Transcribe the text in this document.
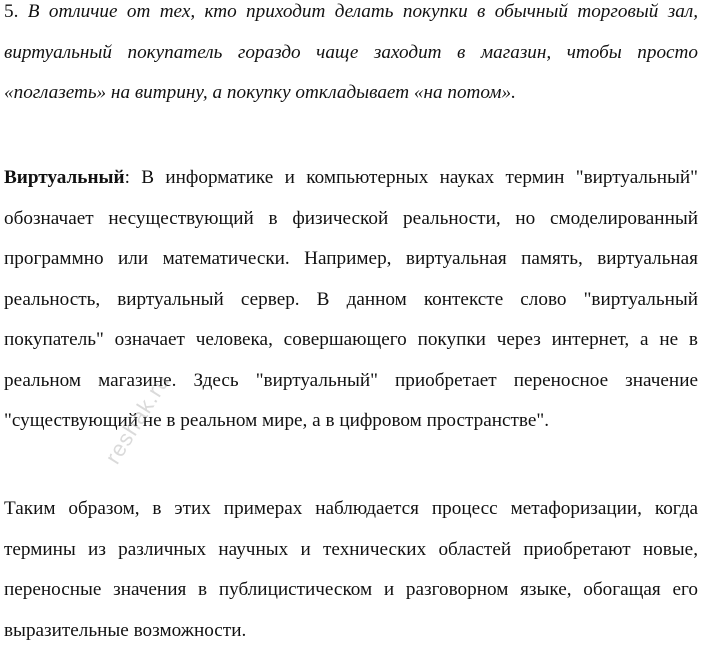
5. В отличие от тех, кто приходит делать покупки в обычный торговый зал, виртуальный покупатель гораздо чаще заходит в магазин, чтобы просто «поглазеть» на витрину, а покупку откладывает «на потом».

Виртуальный: В информатике и компьютерных науках термин "виртуальный" обозначает несуществующий в физической реальности, но смоделированный программно или математически. Например, виртуальная память, виртуальная реальность, виртуальный сервер. В данном контексте слово "виртуальный покупатель" означает человека, совершающего покупки через интернет, а не в реальном магазине. Здесь "виртуальный" приобретает переносное значение "существующий не в реальном мире, а в цифровом пространстве".

Таким образом, в этих примерах наблюдается процесс метафоризации, когда термины из различных научных и технических областей приобретают новые, переносные значения в публицистическом и разговорном языке, обогащая его выразительные возможности.

reshak.ru
